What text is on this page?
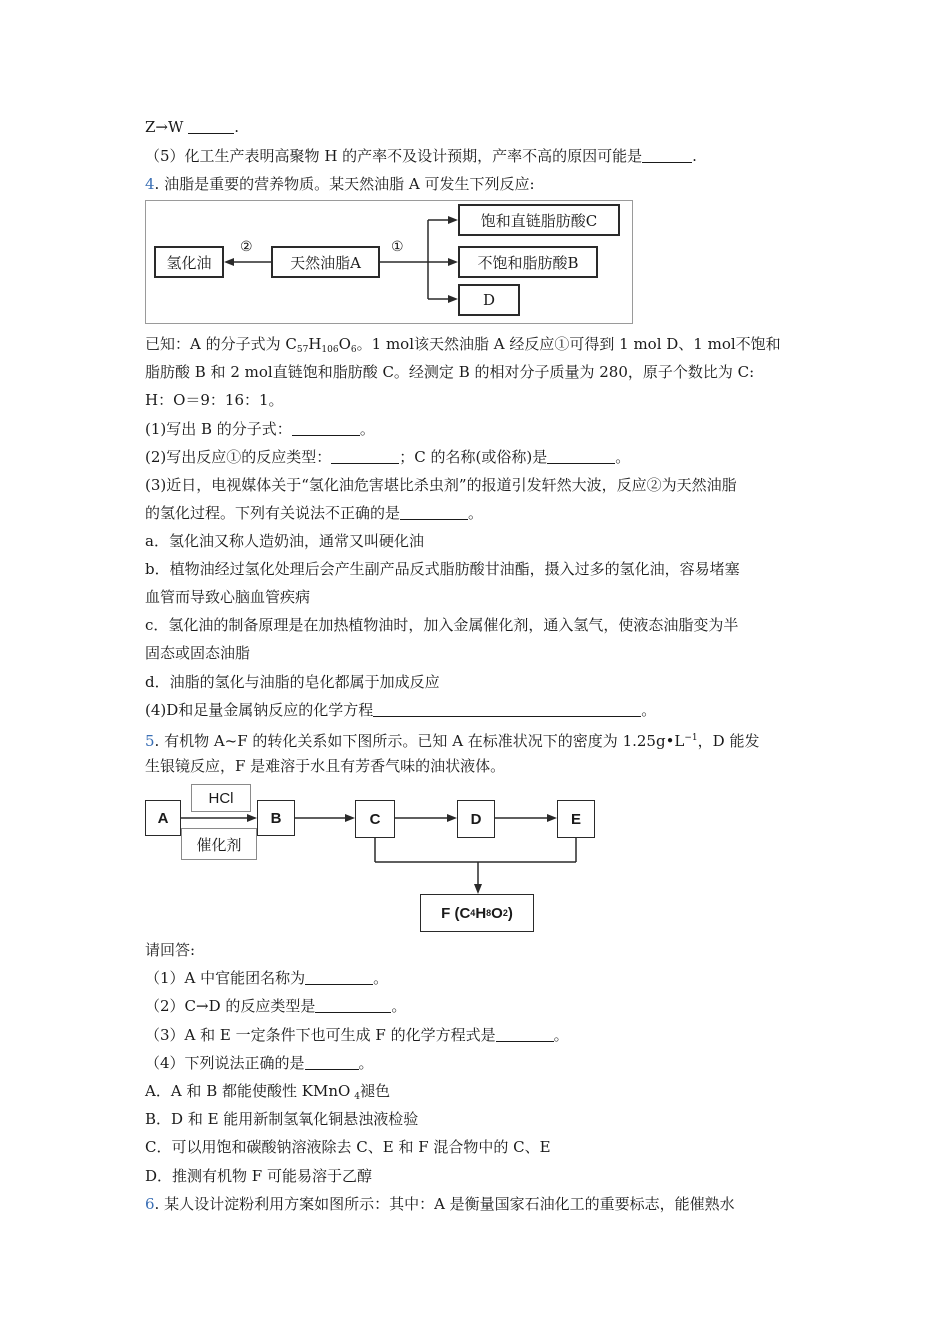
Z→W	.
（5）化工生产表明高聚物 H 的产率不及设计预期，产率不高的原因可能是	.
4. 油脂是重要的营养物质。某天然油脂 A 可发生下列反应:
氢化油
②
天然油脂A
①
饱和直链脂肪酸C
不饱和脂肪酸B
D
已知：A 的分子式为 $C_{57}H_{106}O_6$。1 mol该天然油脂 A 经反应①可得到 1 mol D、1 mol不饱和
脂肪酸 B 和 2 mol直链饱和脂肪酸 C。经测定 B 的相对分子质量为 280，原子个数比为 C:
H：O＝9：16：1。
(1)写出 B 的分子式：	。
(2)写出反应①的反应类型：	；C 的名称(或俗称)是	。
(3)近日，电视媒体关于“氢化油危害堪比杀虫剂”的报道引发轩然大波，反应②为天然油脂
的氢化过程。下列有关说法不正确的是	。
a．氢化油又称人造奶油，通常又叫硬化油
b．植物油经过氢化处理后会产生副产品反式脂肪酸甘油酯，摄入过多的氢化油，容易堵塞
血管而导致心脑血管疾病
c．氢化油的制备原理是在加热植物油时，加入金属催化剂，通入氢气，使液态油脂变为半
固态或固态油脂
d．油脂的氢化与油脂的皂化都属于加成反应
(4)D和足量金属钠反应的化学方程	。
5. 有机物 A~F 的转化关系如下图所示。已知 A 在标准状况下的密度为 $1.25g•L^{-1}$，D 能发
生银镜反应，F 是难溶于水且有芳香气味的油状液体。
A
HCl
催化剂
B	C	D	E
F (C 4 H 8 O 2 )
请回答:
（1）A 中官能团名称为	。
（2）C→D 的反应类型是	。
（3）A 和 E 一定条件下也可生成 F 的化学方程式是	。
（4）下列说法正确的是	。
A．A 和 B 都能使酸性 KMnO $_4$褪色
B．D 和 E 能用新制氢氧化铜悬浊液检验
C．可以用饱和碳酸钠溶液除去 C、E 和 F 混合物中的 C、E
D．推测有机物 F 可能易溶于乙醇
6. 某人设计淀粉利用方案如图所示：其中：A 是衡量国家石油化工的重要标志，能催熟水
